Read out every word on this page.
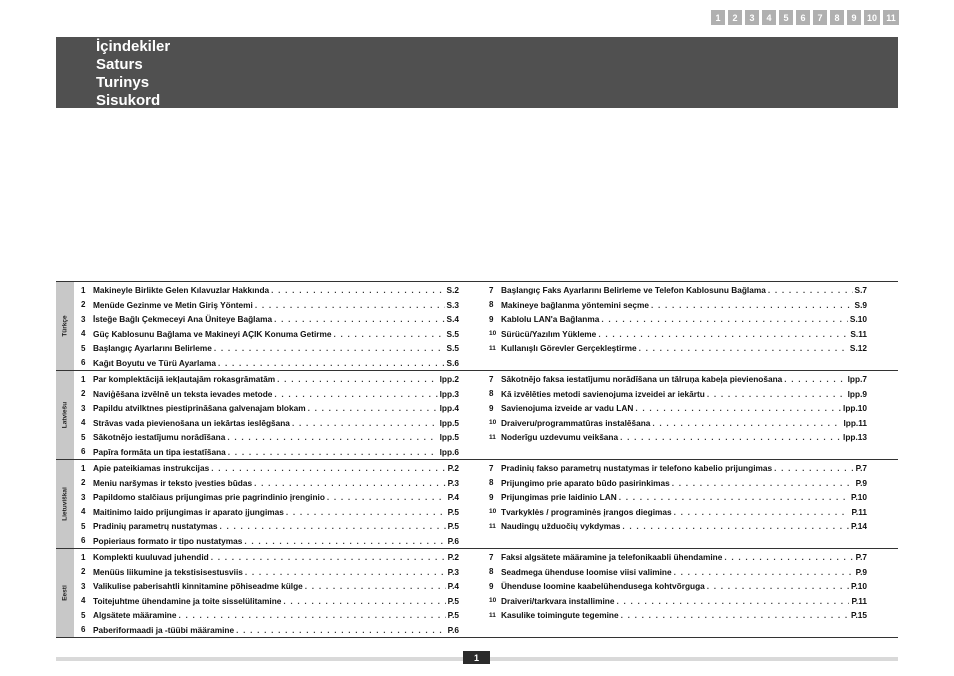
1	2	3	4	5	6	7	8	9	10	11
İçindekiler
Saturs
Turinys
Sisukord
Türkçe
1 Makineyle Birlikte Gelen Kılavuzlar Hakkında . . .	S.2
2 Menüde Gezinme ve Metin Giriş Yöntemi . . .	S.3
3 İsteğe Bağlı Çekmeceyi Ana Üniteye Bağlama . . .	S.4
4 Güç Kablosunu Bağlama ve Makineyi AÇIK Konuma Getirme . . .	S.5
5 Başlangıç Ayarlarını Belirleme . . .	S.5
6 Kağıt Boyutu ve Türü Ayarlama . . .	S.6
7 Başlangıç Faks Ayarlarını Belirleme ve Telefon Kablosunu Bağlama . . .	S.7
8 Makineye bağlanma yöntemini seçme . . .	S.9
9 Kablolu LAN'a Bağlanma . . .	S.10
10 Sürücü/Yazılım Yükleme . . .	S.11
11 Kullanışlı Görevler Gerçekleştirme . . .	S.12
Latviešu
1 Par komplektācijā iekļautajām rokasgrāmatām . . .	lpp.2
2 Naviģēšana izvēlnē un teksta ievades metode . . .	lpp.3
3 Papildu atvilktnes piestiprināšana galvenajam blokam . . .	lpp.4
4 Strāvas vada pievienošana un iekārtas ieslēgšana . . .	lpp.5
5 Sākotnējo iestatījumu norādīšana . . .	lpp.5
6 Papīra formāta un tipa iestatīšana . . .	lpp.6
7 Sākotnējo faksa iestatījumu norādīšana un tālruņa kabeļa pievienošana . . .	lpp.7
8 Kā izvēlēties metodi savienojuma izveidei ar iekārtu . . .	lpp.9
9 Savienojuma izveide ar vadu LAN . . .	lpp.10
10 Draiveru/programmatūras instalēšana . . .	lpp.11
11 Noderīgu uzdevumu veikšana . . .	lpp.13
Lietuviškai
1 Apie pateikiamas instrukcijas . . .	P.2
2 Meniu naršymas ir teksto įvesties būdas . . .	P.3
3 Papildomo stalčiaus prijungimas prie pagrindinio įrenginio . . .	P.4
4 Maitinimo laido prijungimas ir aparato įjungimas . . .	P.5
5 Pradinių parametrų nustatymas . . .	P.5
6 Popieriaus formato ir tipo nustatymas . . .	P.6
7 Pradinių fakso parametrų nustatymas ir telefono kabelio prijungimas . . .	P.7
8 Prijungimo prie aparato būdo pasirinkimas . . .	P.9
9 Prijungimas prie laidinio LAN . . .	P.10
10 Tvarkyklės / programinės įrangos diegimas . . .	P.11
11 Naudingų užduočių vykdymas . . .	P.14
Eesti
1 Komplekti kuuluvad juhendid . . .	P.2
2 Menüüs liikumine ja tekstisisestusviis . . .	P.3
3 Valikulise paberisahtli kinnitamine põhiseadme külge . . .	P.4
4 Toitejuhtme ühendamine ja toite sisselülitamine . . .	P.5
5 Algsätete määramine . . .	P.5
6 Paberiformaadi ja -tüübi määramine . . .	P.6
7 Faksi algsätete määramine ja telefonikaabli ühendamine . . .	P.7
8 Seadmega ühenduse loomise viisi valimine . . .	P.9
9 Ühenduse loomine kaabelühendusega kohtvõrguga . . .	P.10
10 Draiveri/tarkvara installimine . . .	P.11
11 Kasulike toimingute tegemine . . .	P.15
1
